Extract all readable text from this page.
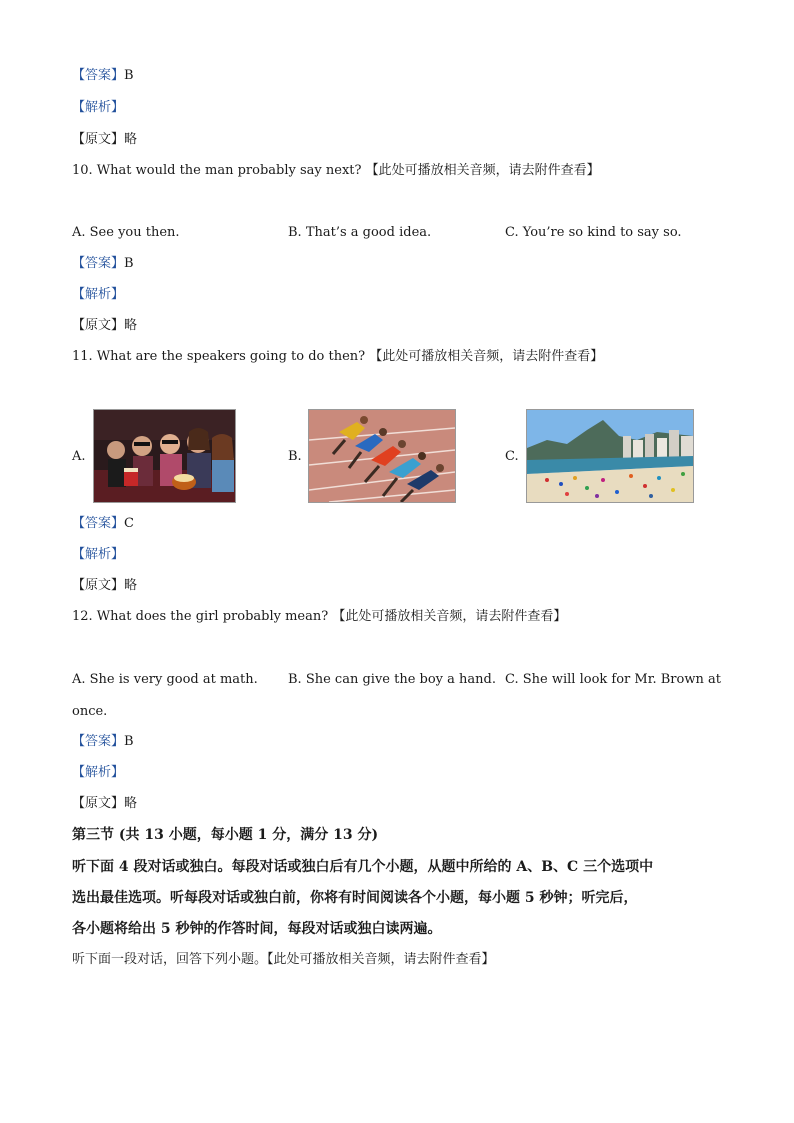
【答案】B
【解析】
【原文】略
10. What would the man probably say next? 【此处可播放相关音频，请去附件查看】
A. See you then.	B. That’s a good idea.	C. You’re so kind to say so.
【答案】B
【解析】
【原文】略
11. What are the speakers going to do then? 【此处可播放相关音频，请去附件查看】
A.	B.	C.
【答案】C
【解析】
【原文】略
12. What does the girl probably mean? 【此处可播放相关音频，请去附件查看】
A. She is very good at math. B. She can give the boy a hand. C. She will look for Mr. Brown at
once.
【答案】B
【解析】
【原文】略
第三节 (共 13 小题，每小题 1 分，满分 13 分)
听下面 4 段对话或独白。每段对话或独白后有几个小题，从题中所给的 A、B、C 三个选项中
选出最佳选项。听每段对话或独白前，你将有时间阅读各个小题，每小题 5 秒钟；听完后，
各小题将给出 5 秒钟的作答时间，每段对话或独白读两遍。
听下面一段对话，回答下列小题。【此处可播放相关音频，请去附件查看】
